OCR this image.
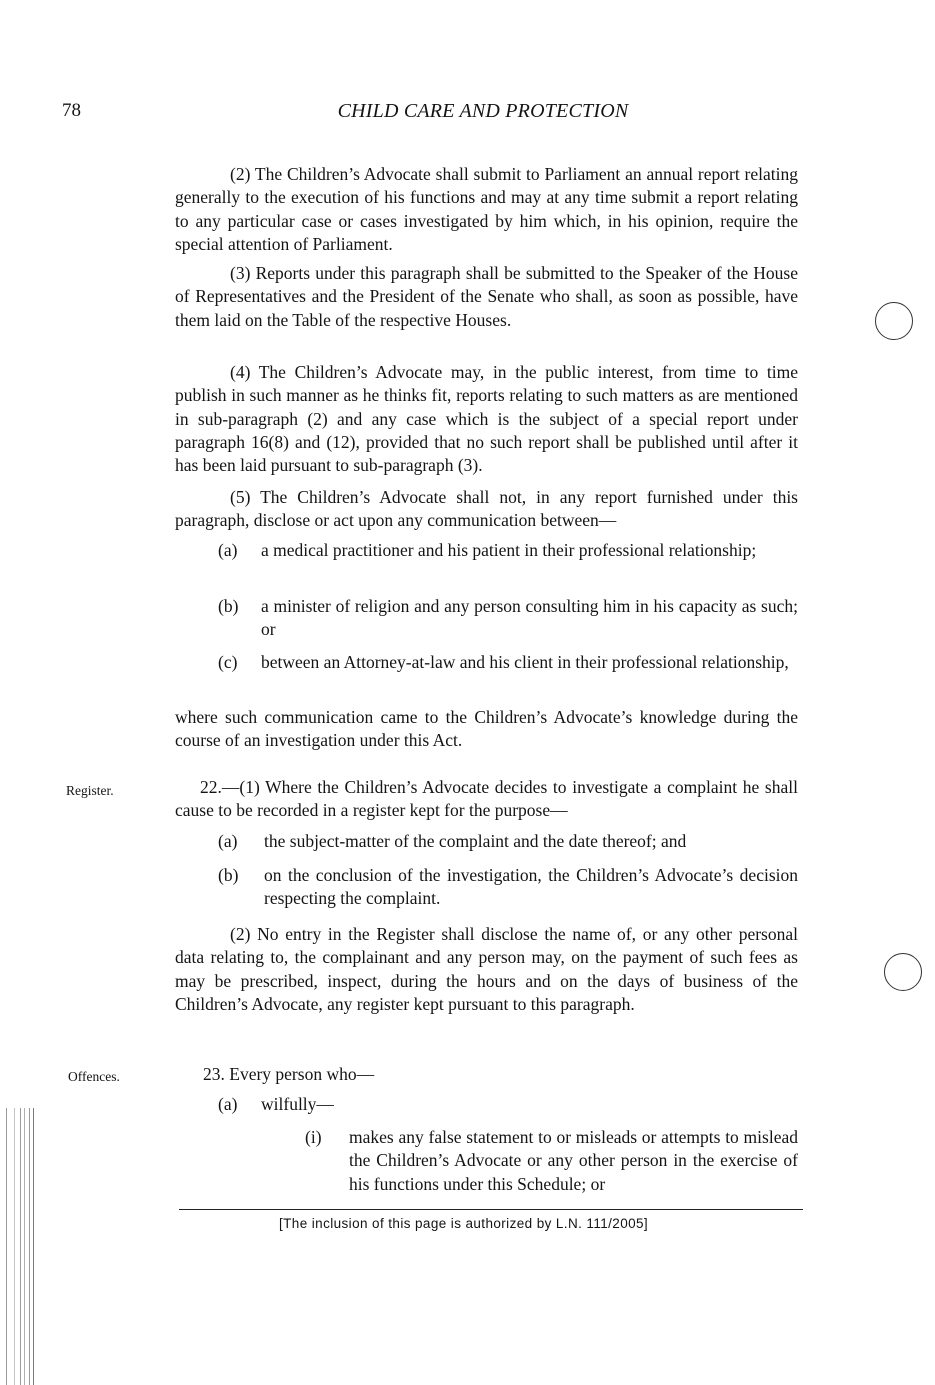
78	CHILD CARE AND PROTECTION

(2) The Children’s Advocate shall submit to Parliament an annual report relating generally to the execution of his functions and may at any time submit a report relating to any particular case or cases investigated by him which, in his opinion, require the special attention of Parliament.

(3) Reports under this paragraph shall be submitted to the Speaker of the House of Representatives and the President of the Senate who shall, as soon as possible, have them laid on the Table of the respective Houses.

(4) The Children’s Advocate may, in the public interest, from time to time publish in such manner as he thinks fit, reports relating to such matters as are mentioned in sub-paragraph (2) and any case which is the subject of a special report under paragraph 16(8) and (12), provided that no such report shall be published until after it has been laid pursuant to sub-paragraph (3).

(5) The Children’s Advocate shall not, in any report furnished under this paragraph, disclose or act upon any communication between—

(a) a medical practitioner and his patient in their professional relationship;
(b) a minister of religion and any person consulting him in his capacity as such; or
(c) between an Attorney-at-law and his client in their professional relationship,

where such communication came to the Children’s Advocate’s knowledge during the course of an investigation under this Act.

Register.	22.—(1) Where the Children’s Advocate decides to investigate a complaint he shall cause to be recorded in a register kept for the purpose—

(a) the subject-matter of the complaint and the date thereof; and
(b) on the conclusion of the investigation, the Children’s Advocate’s decision respecting the complaint.

(2) No entry in the Register shall disclose the name of, or any other personal data relating to, the complainant and any person may, on the payment of such fees as may be prescribed, inspect, during the hours and on the days of business of the Children’s Advocate, any register kept pursuant to this paragraph.

Offences.	23. Every person who—

(a) wilfully—
(i) makes any false statement to or misleads or attempts to mislead the Children’s Advocate or any other person in the exercise of his functions under this Schedule; or
[The inclusion of this page is authorized by L.N. 111/2005]
